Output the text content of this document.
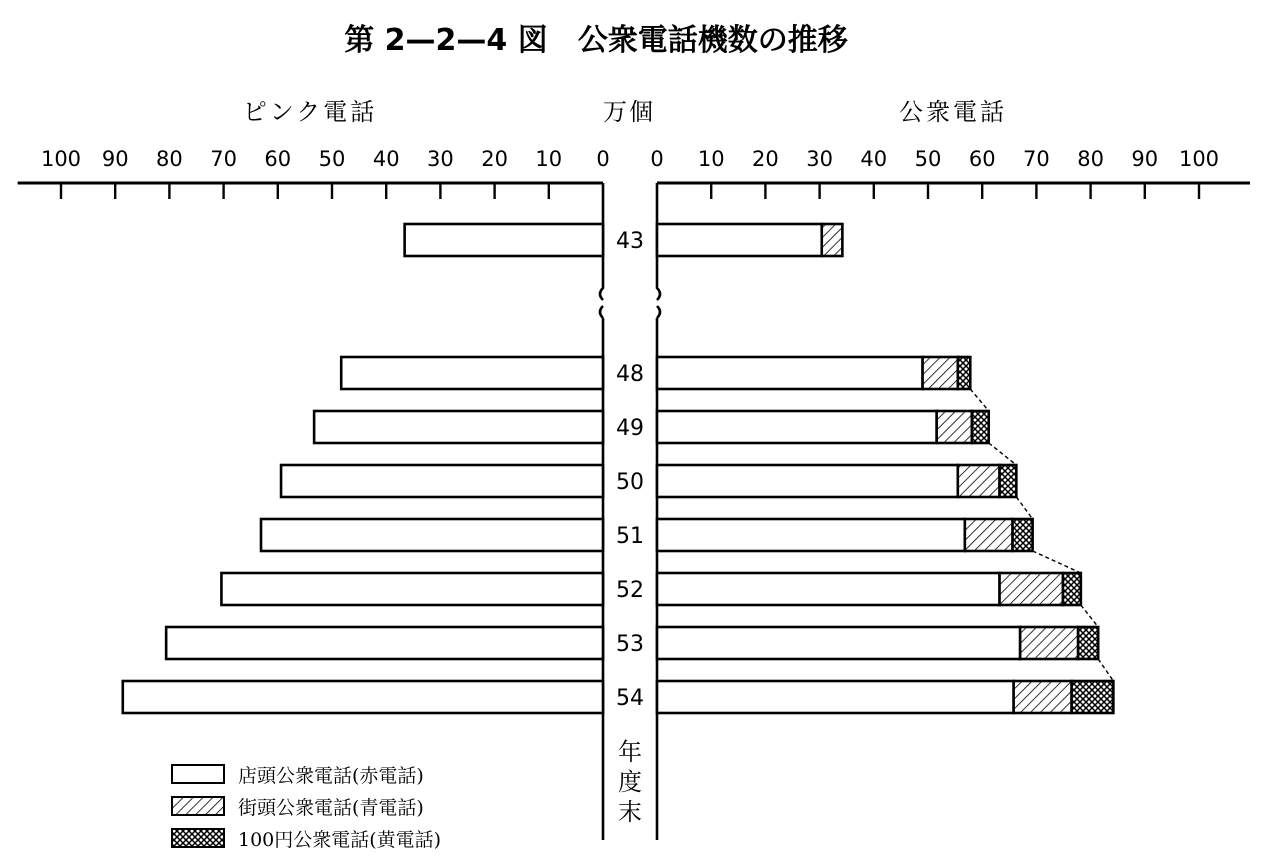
第 2—2—4 図　公衆電話機数の推移
ピンク電話	万個	公衆電話
100 90 80 70 60 50 40 30 20 10 0 0 10 20 30 40 50 60 70 80 90 100
43
48
49
50
51
52
53
54
年
度
末
店頭公衆電話(赤電話)
街頭公衆電話(青電話)
100円公衆電話(黄電話)
